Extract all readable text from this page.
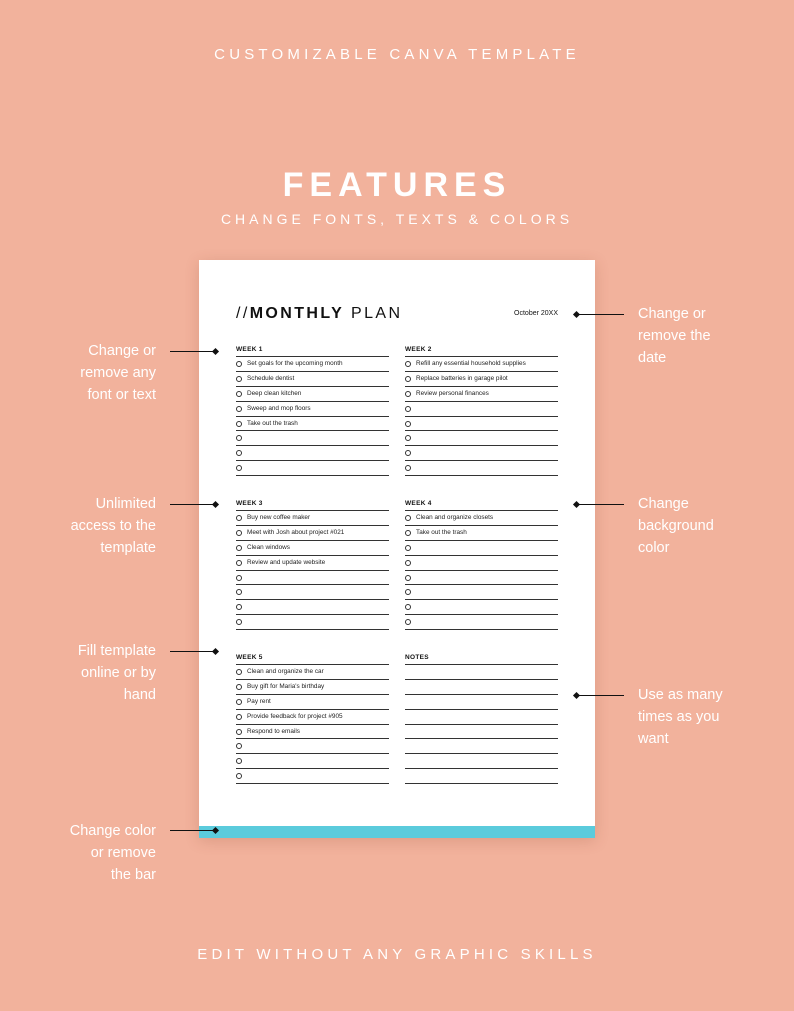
CUSTOMIZABLE CANVA TEMPLATE
FEATURES
CHANGE FONTS, TEXTS & COLORS
//MONTHLY PLAN	October 20XX
WEEK 1
Set goals for the upcoming month
Schedule dentist
Deep clean kitchen
Sweep and mop floors
Take out the trash
WEEK 2
Refill any essential household supplies
Replace batteries in garage pilot
Review personal finances
WEEK 3
Buy new coffee maker
Meet with Josh about project #021
Clean windows
Review and update website
WEEK 4
Clean and organize closets
Take out the trash
WEEK 5
Clean and organize the car
Buy gift for Maria's birthday
Pay rent
Provide feedback for project #905
Respond to emails
NOTES
Change or
remove any
font or text
Unlimited
access to the
template
Fill template
online or by
hand
Change color
or remove
the bar
Change or
remove the
date
Change
background
color
Use as many
times as you
want
EDIT WITHOUT ANY GRAPHIC SKILLS
